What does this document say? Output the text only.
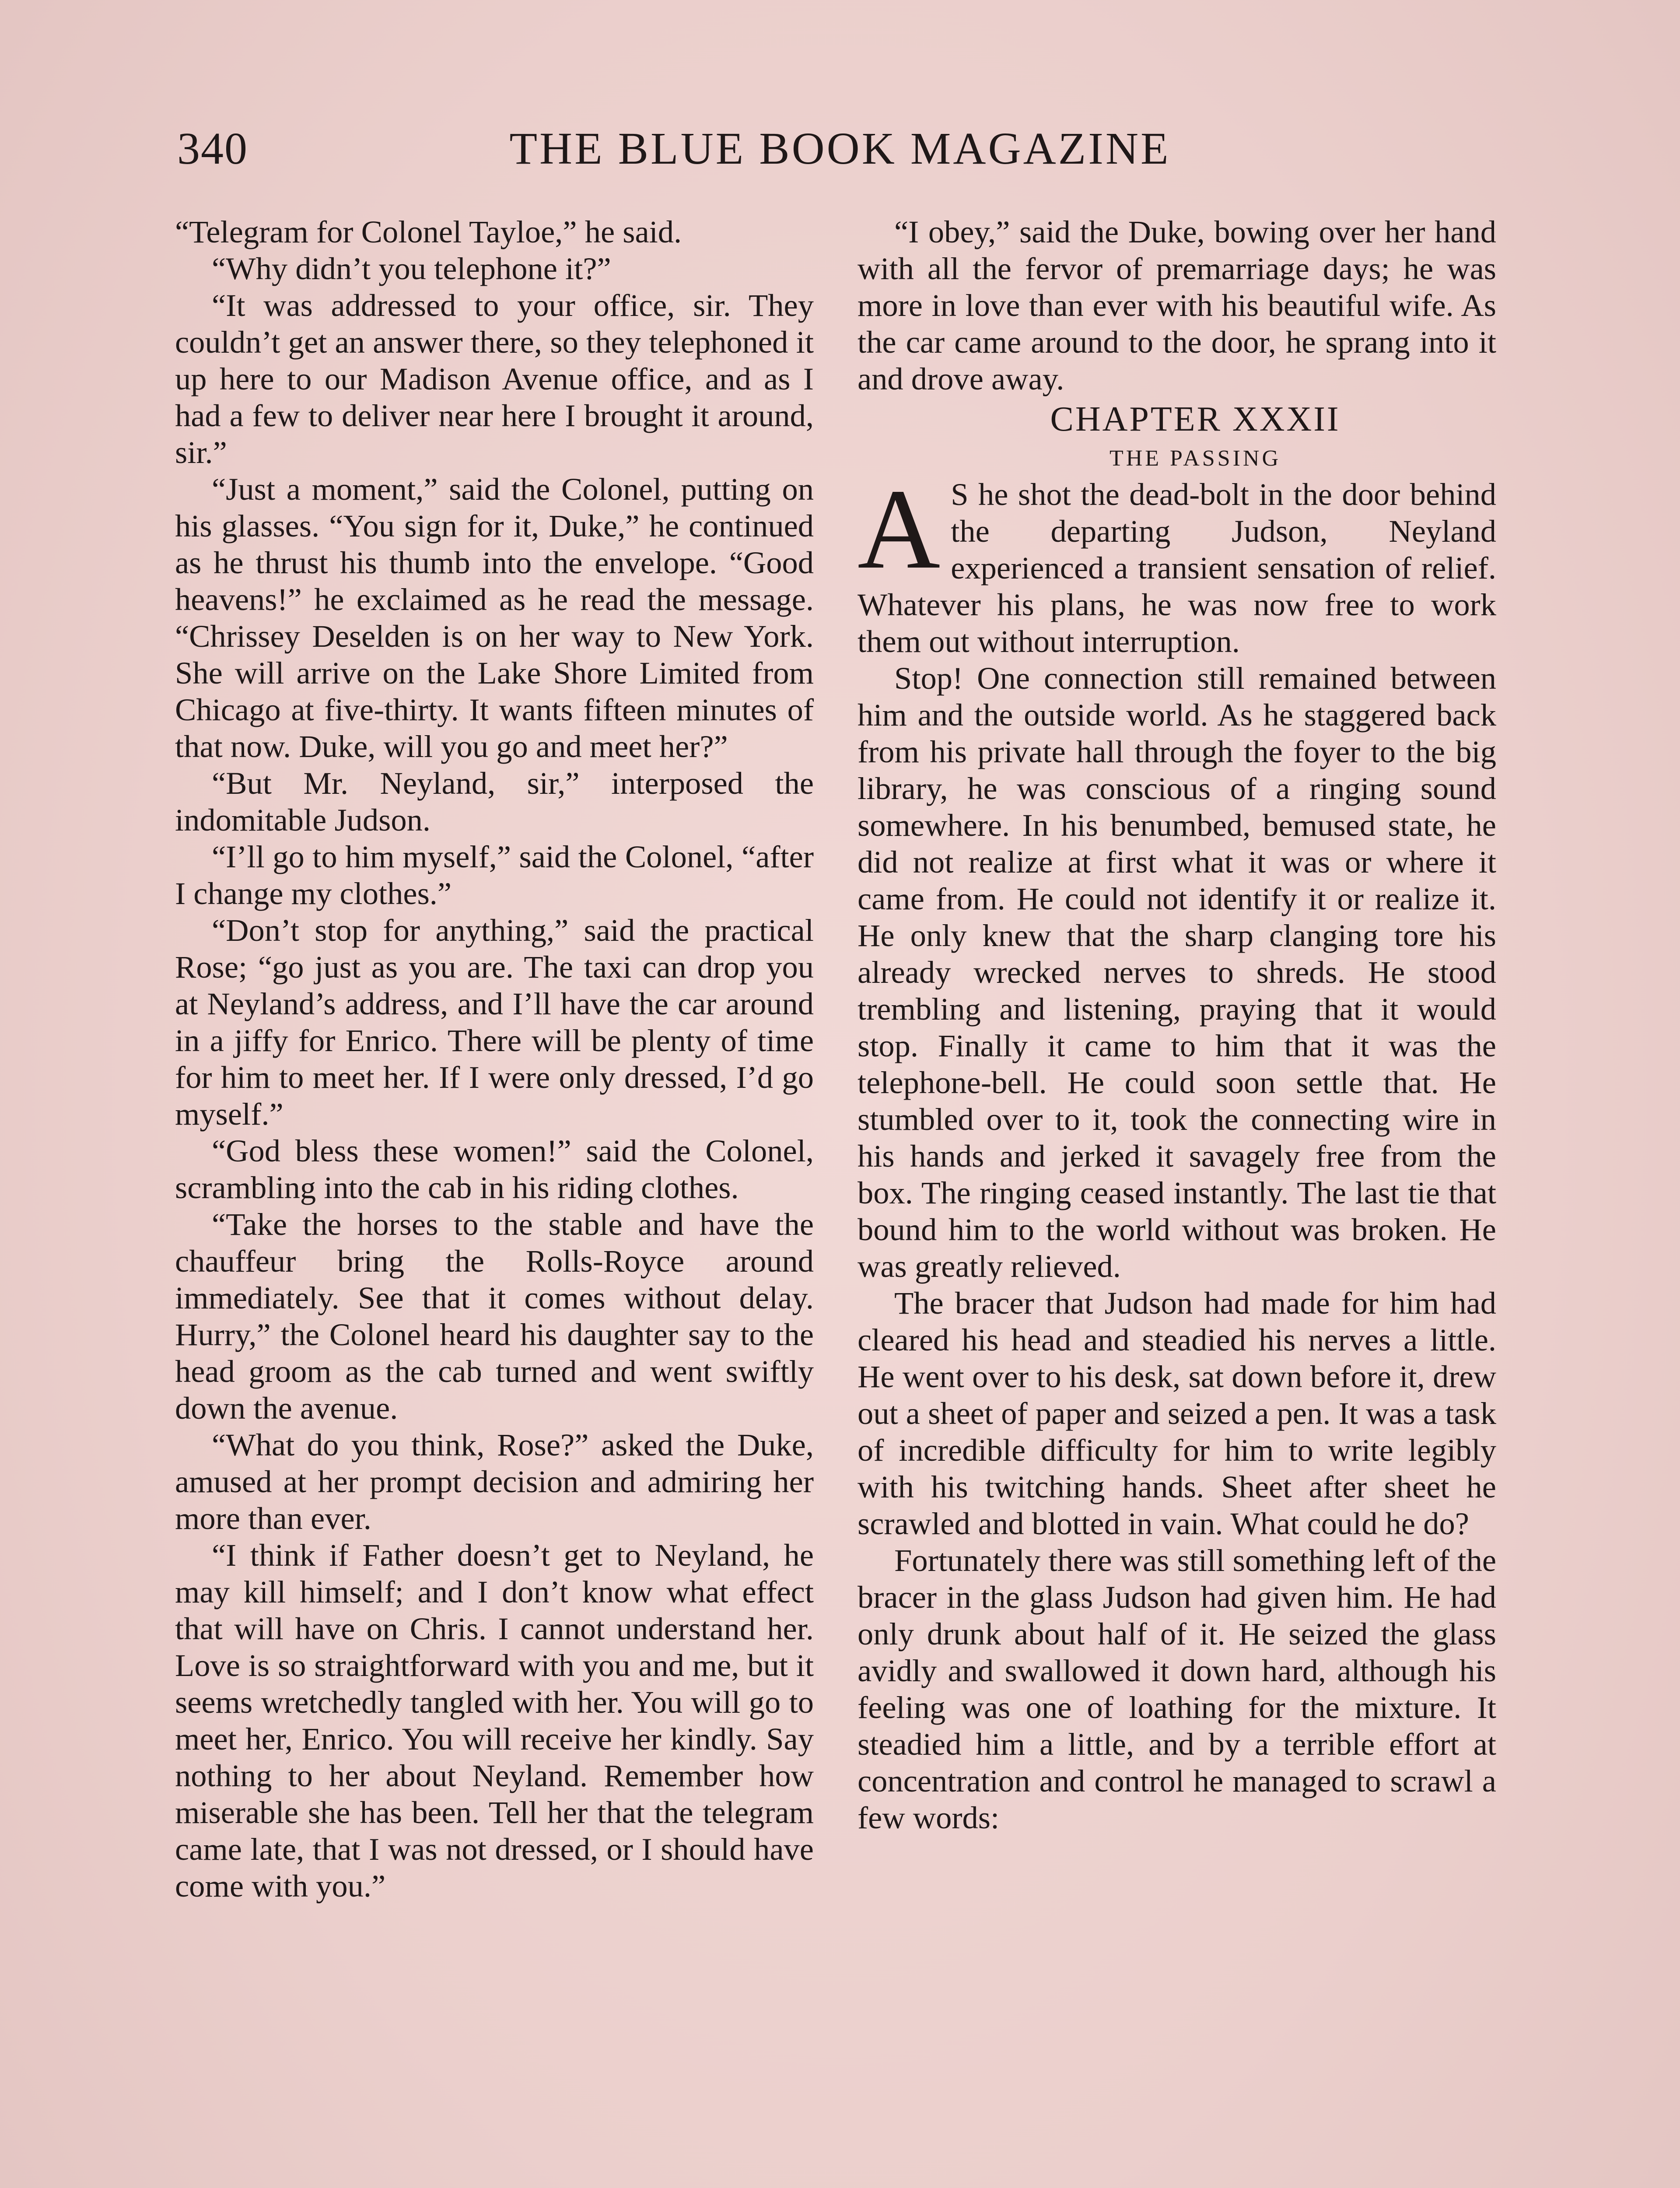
340	THE BLUE BOOK MAGAZINE

“Telegram for Colonel Tayloe,” he said.

“Why didn’t you telephone it?”

“It was addressed to your office, sir. They couldn’t get an answer there, so they telephoned it up here to our Madison Avenue office, and as I had a few to deliver near here I brought it around, sir.”

“Just a moment,” said the Colonel, putting on his glasses. “You sign for it, Duke,” he continued as he thrust his thumb into the envelope. “Good heavens!” he exclaimed as he read the message. “Chrissey Deselden is on her way to New York. She will arrive on the Lake Shore Limited from Chicago at five-thirty. It wants fifteen minutes of that now. Duke, will you go and meet her?”

“But Mr. Neyland, sir,” interposed the indomitable Judson.

“I’ll go to him myself,” said the Colonel, “after I change my clothes.”

“Don’t stop for anything,” said the practical Rose; “go just as you are. The taxi can drop you at Neyland’s address, and I’ll have the car around in a jiffy for Enrico. There will be plenty of time for him to meet her. If I were only dressed, I’d go myself.”

“God bless these women!” said the Colonel, scrambling into the cab in his riding clothes.

“Take the horses to the stable and have the chauffeur bring the Rolls-Royce around immediately. See that it comes without delay. Hurry,” the Colonel heard his daughter say to the head groom as the cab turned and went swiftly down the avenue.

“What do you think, Rose?” asked the Duke, amused at her prompt decision and admiring her more than ever.

“I think if Father doesn’t get to Neyland, he may kill himself; and I don’t know what effect that will have on Chris. I cannot understand her. Love is so straightforward with you and me, but it seems wretchedly tangled with her. You will go to meet her, Enrico. You will receive her kindly. Say nothing to her about Neyland. Remember how miserable she has been. Tell her that the telegram came late, that I was not dressed, or I should have come with you.”

“I obey,” said the Duke, bowing over her hand with all the fervor of premarriage days; he was more in love than ever with his beautiful wife. As the car came around to the door, he sprang into it and drove away.

CHAPTER XXXII

THE PASSING

A S he shot the dead-bolt in the door behind the departing Judson, Neyland experienced a transient sensation of relief. Whatever his plans, he was now free to work them out without interruption.

Stop! One connection still remained between him and the outside world. As he staggered back from his private hall through the foyer to the big library, he was conscious of a ringing sound somewhere. In his benumbed, bemused state, he did not realize at first what it was or where it came from. He could not identify it or realize it. He only knew that the sharp clanging tore his already wrecked nerves to shreds. He stood trembling and listening, praying that it would stop. Finally it came to him that it was the telephone-bell. He could soon settle that. He stumbled over to it, took the connecting wire in his hands and jerked it savagely free from the box. The ringing ceased instantly. The last tie that bound him to the world without was broken. He was greatly relieved.

The bracer that Judson had made for him had cleared his head and steadied his nerves a little. He went over to his desk, sat down before it, drew out a sheet of paper and seized a pen. It was a task of incredible difficulty for him to write legibly with his twitching hands. Sheet after sheet he scrawled and blotted in vain. What could he do?

Fortunately there was still something left of the bracer in the glass Judson had given him. He had only drunk about half of it. He seized the glass avidly and swallowed it down hard, although his feeling was one of loathing for the mixture. It steadied him a little, and by a terrible effort at concentration and control he managed to scrawl a few words:
